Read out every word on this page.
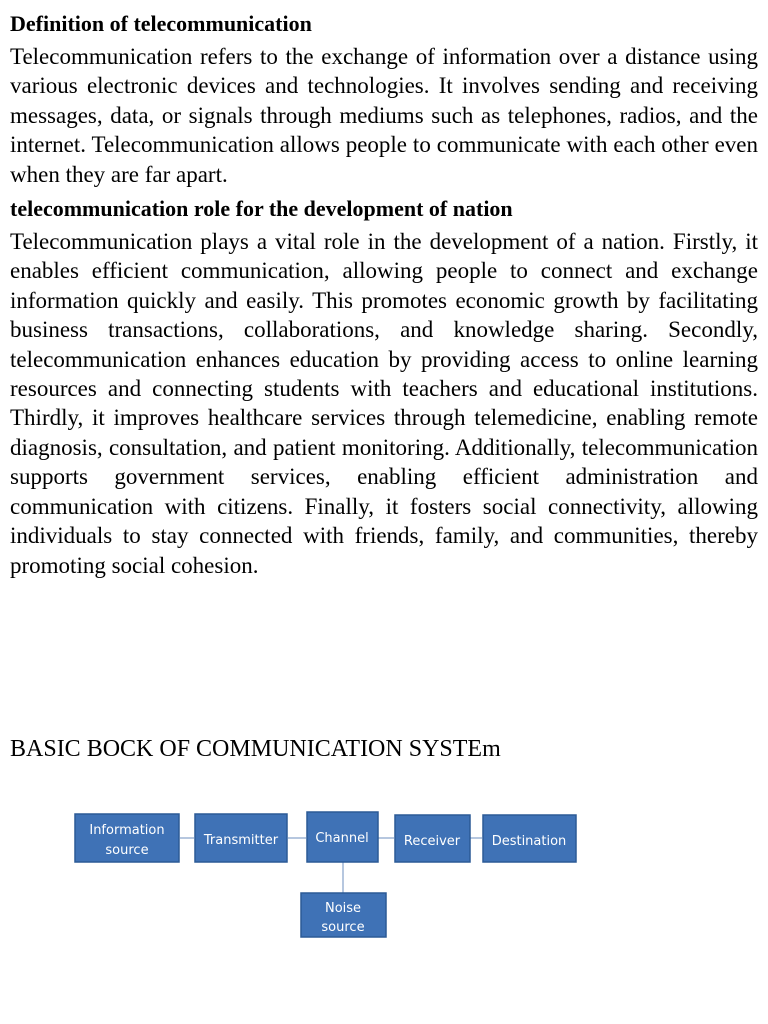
Definition of telecommunication

Telecommunication refers to the exchange of information over a distance using various electronic devices and technologies. It involves sending and receiving messages, data, or signals through mediums such as telephones, radios, and the internet. Telecommunication allows people to communicate with each other even when they are far apart.

telecommunication role for the development of nation

Telecommunication plays a vital role in the development of a nation. Firstly, it enables efficient communication, allowing people to connect and exchange information quickly and easily. This promotes economic growth by facilitating business transactions, collaborations, and knowledge sharing. Secondly, telecommunication enhances education by providing access to online learning resources and connecting students with teachers and educational institutions. Thirdly, it improves healthcare services through telemedicine, enabling remote diagnosis, consultation, and patient monitoring. Additionally, telecommunication supports government services, enabling efficient administration and communication with citizens. Finally, it fosters social connectivity, allowing individuals to stay connected with friends, family, and communities, thereby promoting social cohesion.

BASIC BOCK OF COMMUNICATION SYSTEm

Information
source
Transmitter	Channel	Receiver Destination
Noise
source
